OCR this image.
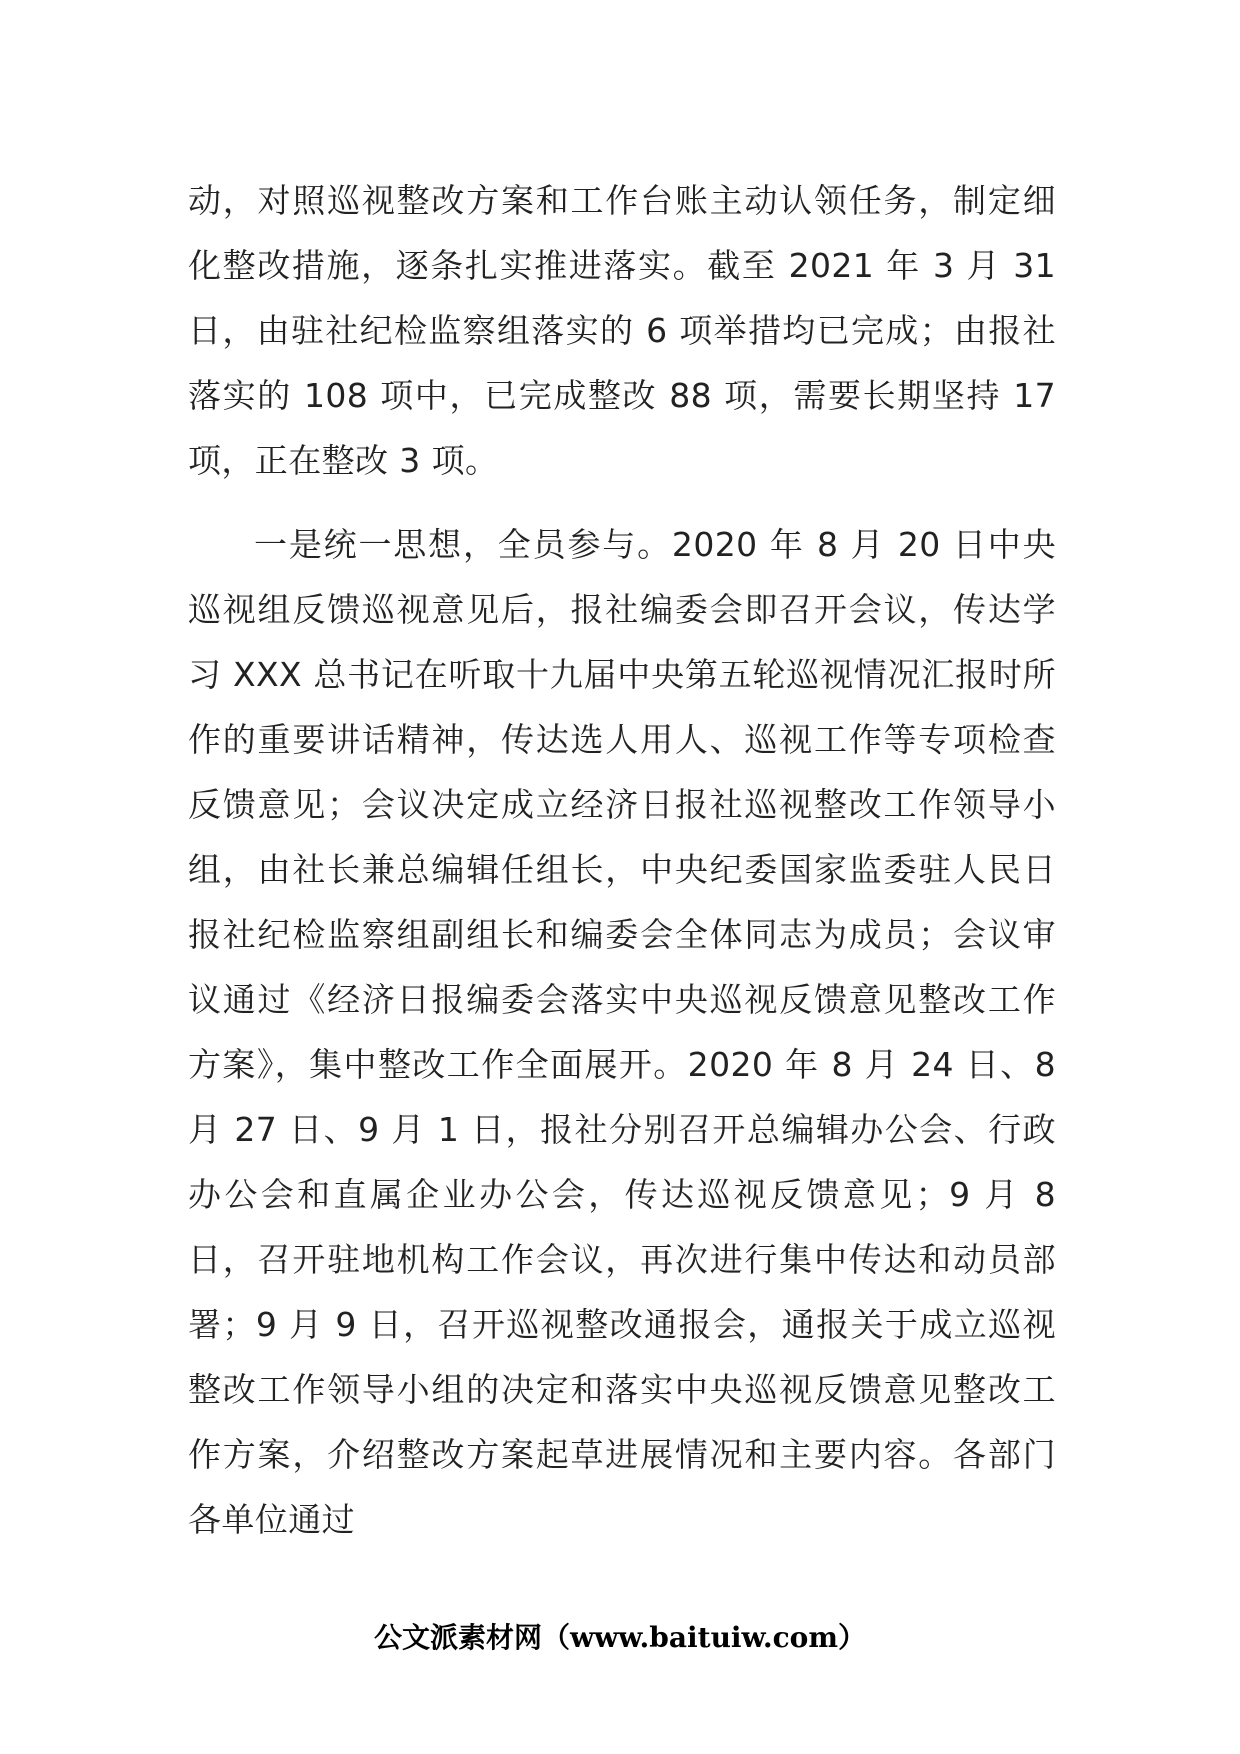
动，对照巡视整改方案和工作台账主动认领任务，制定细化整改措施，逐条扎实推进落实。截至 2021 年 3 月 31 日，由驻社纪检监察组落实的 6 项举措均已完成；由报社落实的 108 项中，已完成整改 88 项，需要长期坚持 17 项，正在整改 3 项。

一是统一思想，全员参与。2020 年 8 月 20 日中央巡视组反馈巡视意见后，报社编委会即召开会议，传达学习 XXX 总书记在听取十九届中央第五轮巡视情况汇报时所作的重要讲话精神，传达选人用人、巡视工作等专项检查反馈意见；会议决定成立经济日报社巡视整改工作领导小组，由社长兼总编辑任组长，中央纪委国家监委驻人民日报社纪检监察组副组长和编委会全体同志为成员；会议审议通过《经济日报编委会落实中央巡视反馈意见整改工作方案》，集中整改工作全面展开。2020 年 8 月 24 日、8 月 27 日、9 月 1 日，报社分别召开总编辑办公会、行政办公会和直属企业办公会，传达巡视反馈意见；9 月 8 日，召开驻地机构工作会议，再次进行集中传达和动员部署；9 月 9 日，召开巡视整改通报会，通报关于成立巡视整改工作领导小组的决定和落实中央巡视反馈意见整改工作方案，介绍整改方案起草进展情况和主要内容。各部门各单位通过

公文派素材网（www.baituiw.com）
